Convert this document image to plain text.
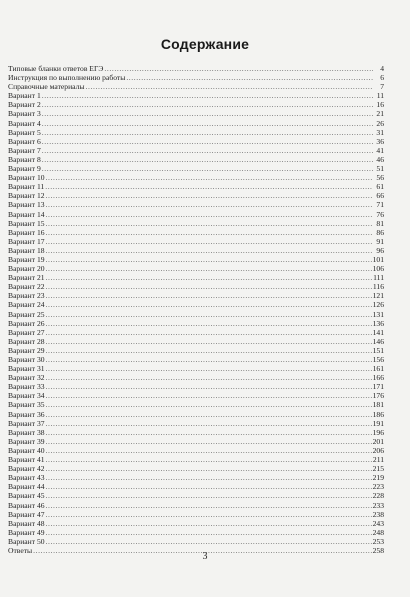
Содержание
Типовые бланки ответов ЕГЭ .....	4
Инструкция по выполнению работы .....	6
Справочные материалы .....	7
Вариант 1 .....	11
Вариант 2 .....	16
Вариант 3 .....	21
Вариант 4 .....	26
Вариант 5 .....	31
Вариант 6 .....	36
Вариант 7 .....	41
Вариант 8 .....	46
Вариант 9 .....	51
Вариант 10 .....	56
Вариант 11 .....	61
Вариант 12 .....	66
Вариант 13 .....	71
Вариант 14 .....	76
Вариант 15 .....	81
Вариант 16 .....	86
Вариант 17 .....	91
Вариант 18 .....	96
Вариант 19 .....	101
Вариант 20 .....	106
Вариант 21 .....	111
Вариант 22 .....	116
Вариант 23 .....	121
Вариант 24 .....	126
Вариант 25 .....	131
Вариант 26 .....	136
Вариант 27 .....	141
Вариант 28 .....	146
Вариант 29 .....	151
Вариант 30 .....	156
Вариант 31 .....	161
Вариант 32 .....	166
Вариант 33 .....	171
Вариант 34 .....	176
Вариант 35 .....	181
Вариант 36 .....	186
Вариант 37 .....	191
Вариант 38 .....	196
Вариант 39 .....	201
Вариант 40 .....	206
Вариант 41 .....	211
Вариант 42 .....	215
Вариант 43 .....	219
Вариант 44 .....	223
Вариант 45 .....	228
Вариант 46 .....	233
Вариант 47 .....	238
Вариант 48 .....	243
Вариант 49 .....	248
Вариант 50 .....	253
Ответы .....	258
3
